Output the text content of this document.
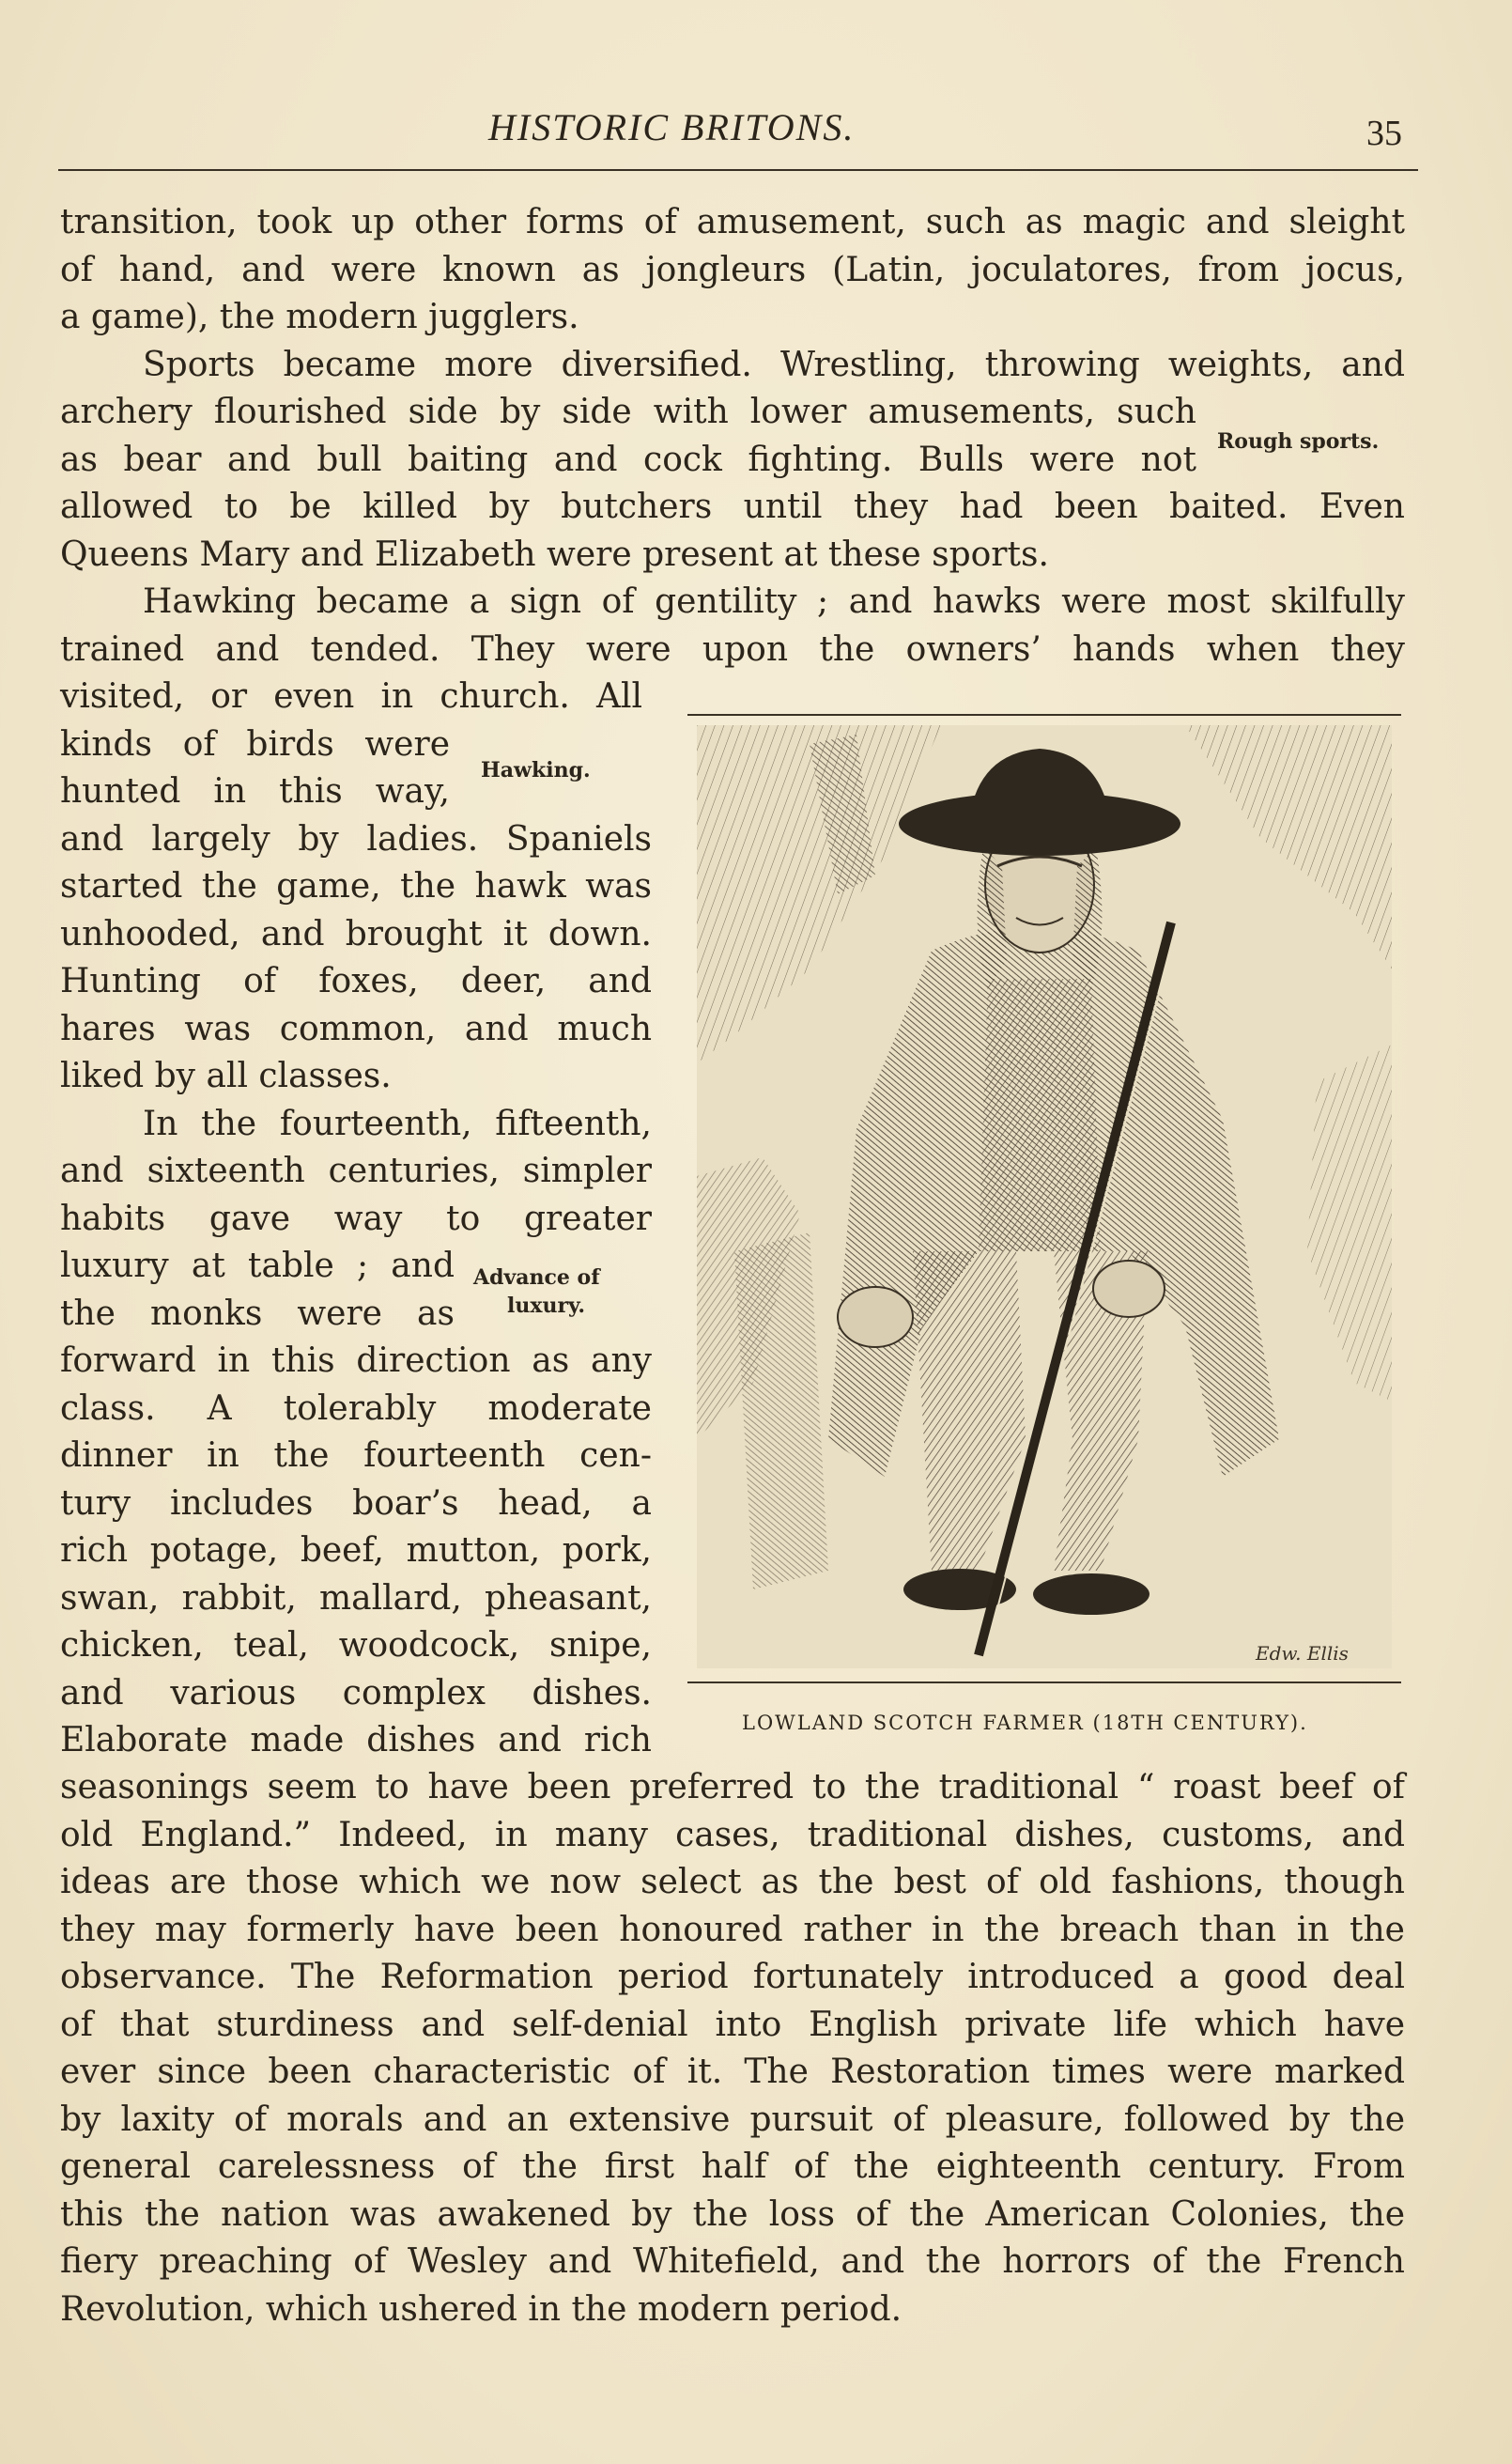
HISTORIC BRITONS.	35
transition, took up other forms of amusement, such as magic and sleight
of hand, and were known as jongleurs (Latin, joculatores, from jocus,
a game), the modern jugglers.
Sports became more diversified. Wrestling, throwing weights, and
archery flourished side by side with lower amusements, such
as bear and bull baiting and cock fighting. Bulls were not
allowed to be killed by butchers until they had been baited. Even
Queens Mary and Elizabeth were present at these sports.
Hawking became a sign of gentility ; and hawks were most skilfully
trained and tended. They were upon the owners’ hands when they
Rough sports.
visited, or even in church. All
kinds of birds were
hunted in this way,
and largely by ladies. Spaniels
started the game, the hawk was
unhooded, and brought it down.
Hunting of foxes, deer, and
hares was common, and much
liked by all classes.
In the fourteenth, fifteenth,
and sixteenth centuries, simpler
habits gave way to greater
luxury at table ; and
the monks were as
forward in this direction as any
class. A tolerably moderate
dinner in the fourteenth cen-
tury includes boar’s head, a
rich potage, beef, mutton, pork,
swan, rabbit, mallard, pheasant,
chicken, teal, woodcock, snipe,
and various complex dishes.
Elaborate made dishes and rich
Hawking.
Advance of
luxury.
Edw. Ellis
LOWLAND SCOTCH FARMER (18TH CENTURY).
seasonings seem to have been preferred to the traditional “ roast beef of
old England.” Indeed, in many cases, traditional dishes, customs, and
ideas are those which we now select as the best of old fashions, though
they may formerly have been honoured rather in the breach than in the
observance. The Reformation period fortunately introduced a good deal
of that sturdiness and self-denial into English private life which have
ever since been characteristic of it. The Restoration times were marked
by laxity of morals and an extensive pursuit of pleasure, followed by the
general carelessness of the first half of the eighteenth century. From
this the nation was awakened by the loss of the American Colonies, the
fiery preaching of Wesley and Whitefield, and the horrors of the French
Revolution, which ushered in the modern period.
